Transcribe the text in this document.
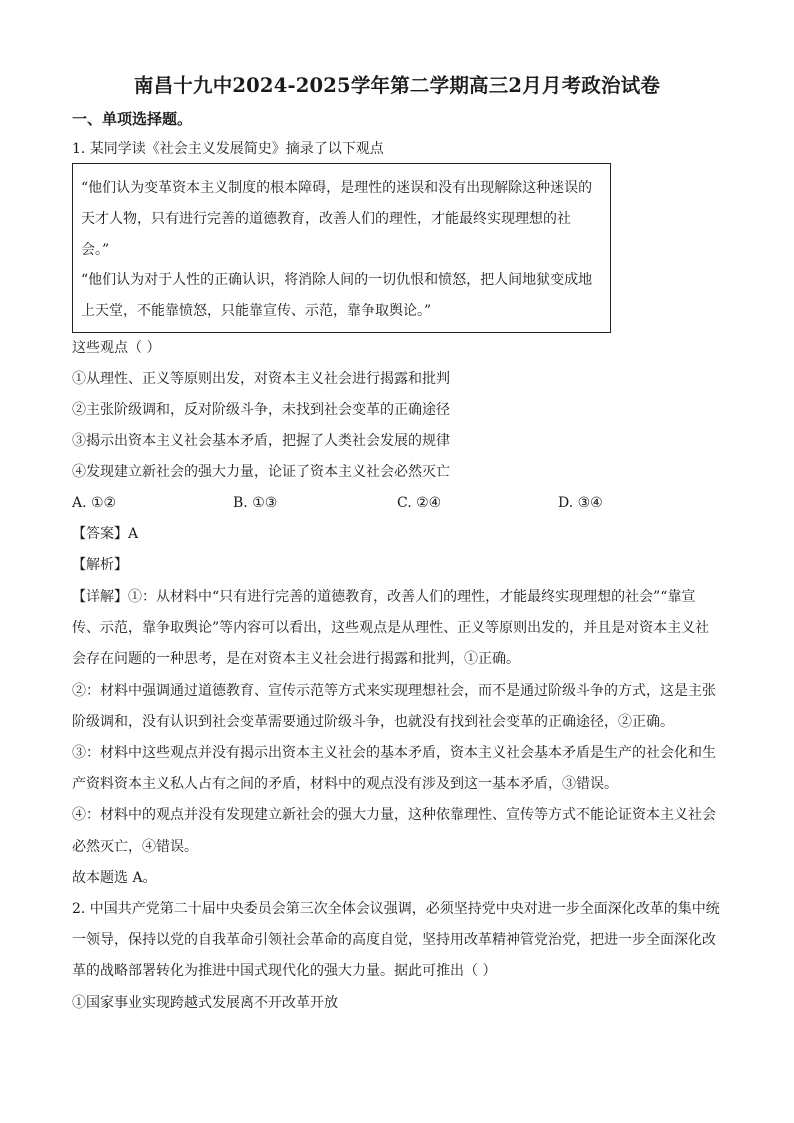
南昌十九中2024-2025学年第二学期高三2月月考政治试卷
一、单项选择题。
1. 某同学读《社会主义发展简史》摘录了以下观点
“他们认为变革资本主义制度的根本障碍，是理性的迷误和没有出现解除这种迷误的
天才人物，只有进行完善的道德教育，改善人们的理性，才能最终实现理想的社
会。”
“他们认为对于人性的正确认识，将消除人间的一切仇恨和愤怒，把人间地狱变成地
上天堂，不能靠愤怒，只能靠宣传、示范，靠争取舆论。”
这些观点（ ）
①从理性、正义等原则出发，对资本主义社会进行揭露和批判
②主张阶级调和，反对阶级斗争，未找到社会变革的正确途径
③揭示出资本主义社会基本矛盾，把握了人类社会发展的规律
④发现建立新社会的强大力量，论证了资本主义社会必然灭亡
A. ①②	B. ①③	C. ②④	D. ③④
【答案】A
【解析】
【详解】①：从材料中“只有进行完善的道德教育，改善人们的理性，才能最终实现理想的社会”“靠宣
传、示范，靠争取舆论”等内容可以看出，这些观点是从理性、正义等原则出发的，并且是对资本主义社
会存在问题的一种思考，是在对资本主义社会进行揭露和批判，①正确。
②：材料中强调通过道德教育、宣传示范等方式来实现理想社会，而不是通过阶级斗争的方式，这是主张
阶级调和，没有认识到社会变革需要通过阶级斗争，也就没有找到社会变革的正确途径，②正确。
③：材料中这些观点并没有揭示出资本主义社会的基本矛盾，资本主义社会基本矛盾是生产的社会化和生
产资料资本主义私人占有之间的矛盾，材料中的观点没有涉及到这一基本矛盾，③错误。
④：材料中的观点并没有发现建立新社会的强大力量，这种依靠理性、宣传等方式不能论证资本主义社会
必然灭亡，④错误。
故本题选 A。
2. 中国共产党第二十届中央委员会第三次全体会议强调，必须坚持党中央对进一步全面深化改革的集中统
一领导，保持以党的自我革命引领社会革命的高度自觉，坚持用改革精神管党治党，把进一步全面深化改
革的战略部署转化为推进中国式现代化的强大力量。据此可推出（ ）
①国家事业实现跨越式发展离不开改革开放
